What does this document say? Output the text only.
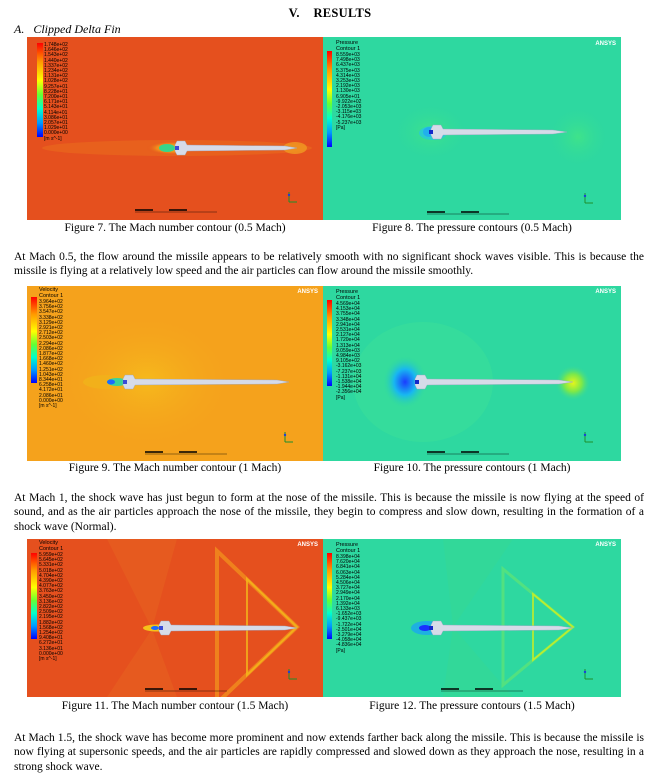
V.    RESULTS
A.   Clipped Delta Fin
1.748e+02
1.646e+02
1.543e+02
1.440e+02
1.337e+02
1.234e+02
1.131e+02
1.028e+02
9.257e+01
8.228e+01
7.200e+01
6.171e+01
5.143e+01
4.114e+01
3.086e+01
2.057e+01
1.029e+01
0.000e+00
[m s^-1]
Pressure
Contour 1
8.559e+03
7.498e+03
6.437e+03
5.375e+03
4.314e+03
3.253e+03
2.192e+03
1.130e+03
6.905e+01
-9.922e+02
-2.053e+03
-3.115e+03
-4.176e+03
-5.237e+03
[Pa]
ANSYS
Figure 7. The Mach number contour (0.5 Mach)	Figure 8. The pressure contours (0.5 Mach)
At Mach 0.5, the flow around the missile appears to be relatively smooth with no significant shock waves visible. This is because the missile is flying at a relatively low speed and the air particles can flow around the missile smoothly.
Velocity
Contour 1
3.964e+02
3.756e+02
3.547e+02
3.338e+02
3.129e+02
2.921e+02
2.712e+02
2.503e+02
2.294e+02
2.086e+02
1.877e+02
1.668e+02
1.460e+02
1.251e+02
1.043e+02
8.344e+01
6.258e+01
4.172e+01
2.086e+01
0.000e+00
[m s^-1]
ANSYS	Pressure
Contour 1
4.569e+04
4.153e+04
3.755e+04
3.348e+04
2.941e+04
2.531e+04
2.127e+04
1.720e+04
1.313e+04
9.059e+03
4.984e+03
9.105e+02
-3.162e+03
-7.237e+03
-1.131e+04
-1.538e+04
-1.944e+04
-2.356e+04
[Pa]
ANSYS
Figure 9. The Mach number contour (1 Mach)	Figure 10. The pressure contours (1 Mach)
At Mach 1, the shock wave has just begun to form at the nose of the missile. This is because the missile is now flying at the speed of sound, and as the air particles approach the nose of the missile, they begin to compress and slow down, resulting in the formation of a shock wave (Normal).
Velocity
Contour 1
5.959e+02
5.645e+02
5.331e+02
5.018e+02
4.704e+02
4.390e+02
4.077e+02
3.763e+02
3.450e+02
3.136e+02
2.822e+02
2.509e+02
2.195e+02
1.882e+02
1.568e+02
1.254e+02
9.408e+01
6.272e+01
3.136e+01
0.000e+00
[m s^-1]
ANSYS	Pressure
Contour 1
8.398e+04
7.620e+04
6.841e+04
6.063e+04
5.284e+04
4.506e+04
3.727e+04
2.949e+04
2.170e+04
1.392e+04
6.133e+03
-1.652e+03
-9.437e+03
-1.722e+04
-2.501e+04
-3.279e+04
-4.058e+04
-4.836e+04
[Pa]
ANSYS
Figure 11. The Mach number contour (1.5 Mach)	Figure 12. The pressure contours (1.5 Mach)
At Mach 1.5, the shock wave has become more prominent and now extends farther back along the missile. This is because the missile is now flying at supersonic speeds, and the air particles are rapidly compressed and slowed down as they approach the nose, resulting in a strong shock wave.
